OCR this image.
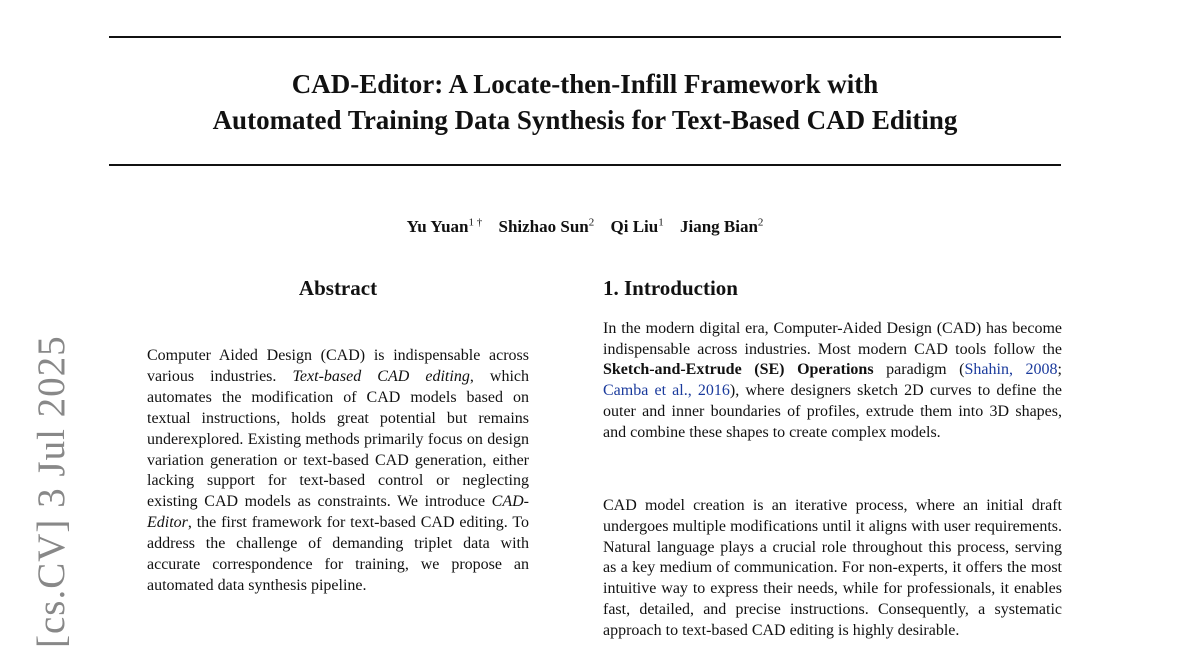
CAD-Editor: A Locate-then-Infill Framework with
Automated Training Data Synthesis for Text-Based CAD Editing
Yu Yuan$^{1 \dagger}$ Shizhao Sun$^2$ Qi Liu$^1$ Jiang Bian$^2$
[cs.CV] 3 Jul 2025
Abstract
Computer Aided Design (CAD) is indispensable across various industries. Text-based CAD editing, which automates the modification of CAD models based on textual instructions, holds great potential but remains underexplored. Existing methods primarily focus on design variation generation or text-based CAD generation, either lacking support for text-based control or neglecting existing CAD models as constraints. We introduce CAD-Editor, the first framework for text-based CAD editing. To address the challenge of demanding triplet data with accurate correspondence for training, we propose an automated data synthesis pipeline.
1. Introduction
In the modern digital era, Computer-Aided Design (CAD) has become indispensable across industries. Most modern CAD tools follow the Sketch-and-Extrude (SE) Operations paradigm (Shahin, 2008; Camba et al., 2016), where designers sketch 2D curves to define the outer and inner boundaries of profiles, extrude them into 3D shapes, and combine these shapes to create complex models.
CAD model creation is an iterative process, where an initial draft undergoes multiple modifications until it aligns with user requirements. Natural language plays a crucial role throughout this process, serving as a key medium of communication. For non-experts, it offers the most intuitive way to express their needs, while for professionals, it enables fast, detailed, and precise instructions. Consequently, a systematic approach to text-based CAD editing is highly desirable.
